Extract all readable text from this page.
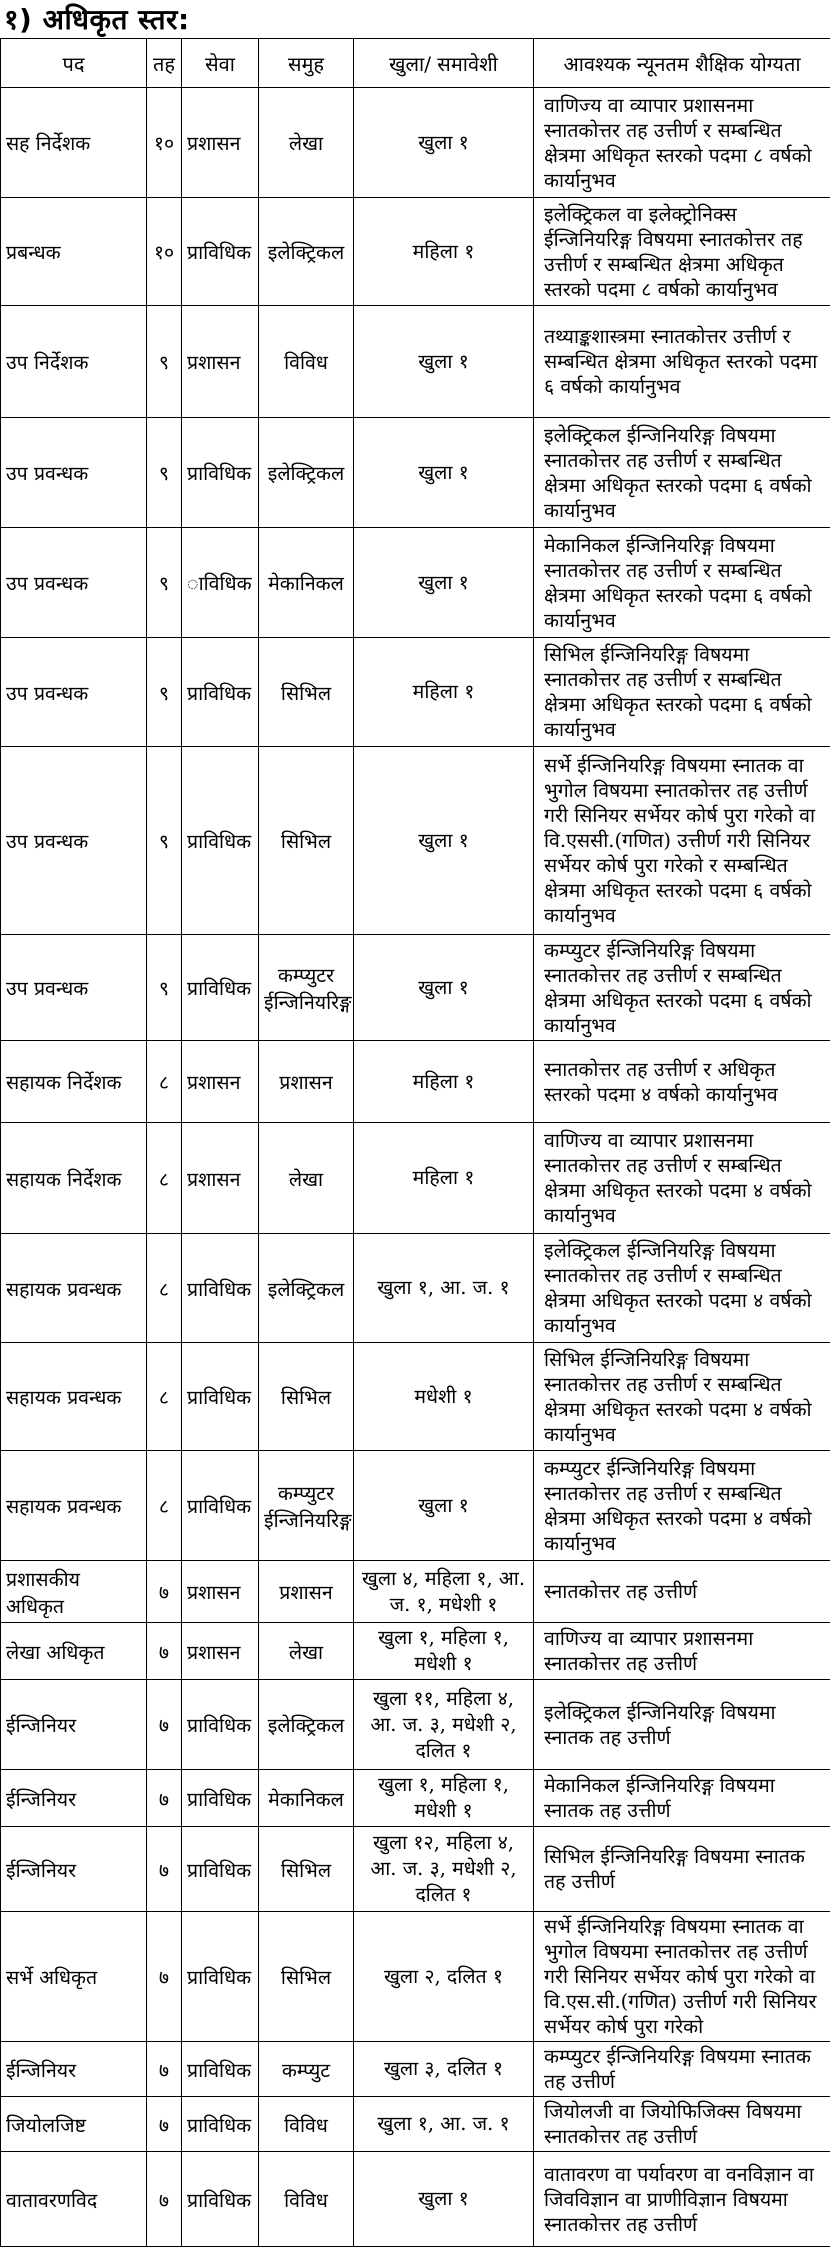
१) अधिकृत स्तर:
पद	तह	सेवा	समुह	खुला/ समावेशी	आवश्यक न्यूनतम शैक्षिक योग्यता
सह निर्देशक	१०	प्रशासन	लेखा	खुला १	वाणिज्य वा व्यापार प्रशासनमा स्नातकोत्तर तह उत्तीर्ण र सम्बन्धित क्षेत्रमा अधिकृत स्तरको पदमा ८ वर्षको कार्यानुभव
प्रबन्धक	१०	प्राविधिक	इलेक्ट्रिकल	महिला १	इलेक्ट्रिकल वा इलेक्ट्रोनिक्स ईन्जिनियरिङ्ग विषयमा स्नातकोत्तर तह उत्तीर्ण र सम्बन्धित क्षेत्रमा अधिकृत स्तरको पदमा ८ वर्षको कार्यानुभव
उप निर्देशक	९	प्रशासन	विविध	खुला १	तथ्याङ्कशास्त्रमा स्नातकोत्तर उत्तीर्ण र सम्बन्धित क्षेत्रमा अधिकृत स्तरको पदमा ६ वर्षको कार्यानुभव
उप प्रवन्धक	९	प्राविधिक	इलेक्ट्रिकल	खुला १	इलेक्ट्रिकल ईन्जिनियरिङ्ग विषयमा स्नातकोत्तर तह उत्तीर्ण र सम्बन्धित क्षेत्रमा अधिकृत स्तरको पदमा ६ वर्षको कार्यानुभव
उप प्रवन्धक	९	ाविधिक	मेकानिकल	खुला १	मेकानिकल ईन्जिनियरिङ्ग विषयमा स्नातकोत्तर तह उत्तीर्ण र सम्बन्धित क्षेत्रमा अधिकृत स्तरको पदमा ६ वर्षको कार्यानुभव
उप प्रवन्धक	९	प्राविधिक	सिभिल	महिला १	सिभिल ईन्जिनियरिङ्ग विषयमा स्नातकोत्तर तह उत्तीर्ण र सम्बन्धित क्षेत्रमा अधिकृत स्तरको पदमा ६ वर्षको कार्यानुभव
उप प्रवन्धक	९	प्राविधिक	सिभिल	खुला १	सर्भे ईन्जिनियरिङ्ग विषयमा स्नातक वा भुगोल विषयमा स्नातकोत्तर तह उत्तीर्ण गरी सिनियर सर्भेयर कोर्ष पुरा गरेको वा वि.एससी.(गणित) उत्तीर्ण गरी सिनियर सर्भेयर कोर्ष पुरा गरेको र सम्बन्धित क्षेत्रमा अधिकृत स्तरको पदमा ६ वर्षको कार्यानुभव
उप प्रवन्धक	९	प्राविधिक	कम्प्युटर ईन्जिनियरिङ्ग	खुला १	कम्प्युटर ईन्जिनियरिङ्ग विषयमा स्नातकोत्तर तह उत्तीर्ण र सम्बन्धित क्षेत्रमा अधिकृत स्तरको पदमा ६ वर्षको कार्यानुभव
सहायक निर्देशक	८	प्रशासन	प्रशासन	महिला १	स्नातकोत्तर तह उत्तीर्ण र अधिकृत स्तरको पदमा ४ वर्षको कार्यानुभव
सहायक निर्देशक	८	प्रशासन	लेखा	महिला १	वाणिज्य वा व्यापार प्रशासनमा स्नातकोत्तर तह उत्तीर्ण र सम्बन्धित क्षेत्रमा अधिकृत स्तरको पदमा ४ वर्षको कार्यानुभव
सहायक प्रवन्धक	८	प्राविधिक	इलेक्ट्रिकल	खुला १, आ. ज. १	इलेक्ट्रिकल ईन्जिनियरिङ्ग विषयमा स्नातकोत्तर तह उत्तीर्ण र सम्बन्धित क्षेत्रमा अधिकृत स्तरको पदमा ४ वर्षको कार्यानुभव
सहायक प्रवन्धक	८	प्राविधिक	सिभिल	मधेशी १	सिभिल ईन्जिनियरिङ्ग विषयमा स्नातकोत्तर तह उत्तीर्ण र सम्बन्धित क्षेत्रमा अधिकृत स्तरको पदमा ४ वर्षको कार्यानुभव
सहायक प्रवन्धक	८	प्राविधिक	कम्प्युटर ईन्जिनियरिङ्ग	खुला १	कम्प्युटर ईन्जिनियरिङ्ग विषयमा स्नातकोत्तर तह उत्तीर्ण र सम्बन्धित क्षेत्रमा अधिकृत स्तरको पदमा ४ वर्षको कार्यानुभव
प्रशासकीय अधिकृत	७	प्रशासन	प्रशासन	खुला ४, महिला १, आ. ज. १, मधेशी १	स्नातकोत्तर तह उत्तीर्ण
लेखा अधिकृत	७	प्रशासन	लेखा	खुला १, महिला १, मधेशी १	वाणिज्य वा व्यापार प्रशासनमा स्नातकोत्तर तह उत्तीर्ण
ईन्जिनियर	७	प्राविधिक	इलेक्ट्रिकल	खुला ११, महिला ४, आ. ज. ३, मधेशी २, दलित १	इलेक्ट्रिकल ईन्जिनियरिङ्ग विषयमा स्नातक तह उत्तीर्ण
ईन्जिनियर	७	प्राविधिक	मेकानिकल	खुला १, महिला १, मधेशी १	मेकानिकल ईन्जिनियरिङ्ग विषयमा स्नातक तह उत्तीर्ण
ईन्जिनियर	७	प्राविधिक	सिभिल	खुला १२, महिला ४, आ. ज. ३, मधेशी २, दलित १	सिभिल ईन्जिनियरिङ्ग विषयमा स्नातक तह उत्तीर्ण
सर्भे अधिकृत	७	प्राविधिक	सिभिल	खुला २, दलित १	सर्भे ईन्जिनियरिङ्ग विषयमा स्नातक वा भुगोल विषयमा स्नातकोत्तर तह उत्तीर्ण गरी सिनियर सर्भेयर कोर्ष पुरा गरेको वा वि.एस.सी.(गणित) उत्तीर्ण गरी सिनियर सर्भेयर कोर्ष पुरा गरेको
ईन्जिनियर	७	प्राविधिक	कम्प्युट	खुला ३, दलित १	कम्प्युटर ईन्जिनियरिङ्ग विषयमा स्नातक तह उत्तीर्ण
जियोलजिष्ट	७	प्राविधिक	विविध	खुला १, आ. ज. १	जियोलजी वा जियोफिजिक्स विषयमा स्नातकोत्तर तह उत्तीर्ण
वातावरणविद	७	प्राविधिक	विविध	खुला १	वातावरण वा पर्यावरण वा वनविज्ञान वा जिवविज्ञान वा प्राणीविज्ञान विषयमा स्नातकोत्तर तह उत्तीर्ण
